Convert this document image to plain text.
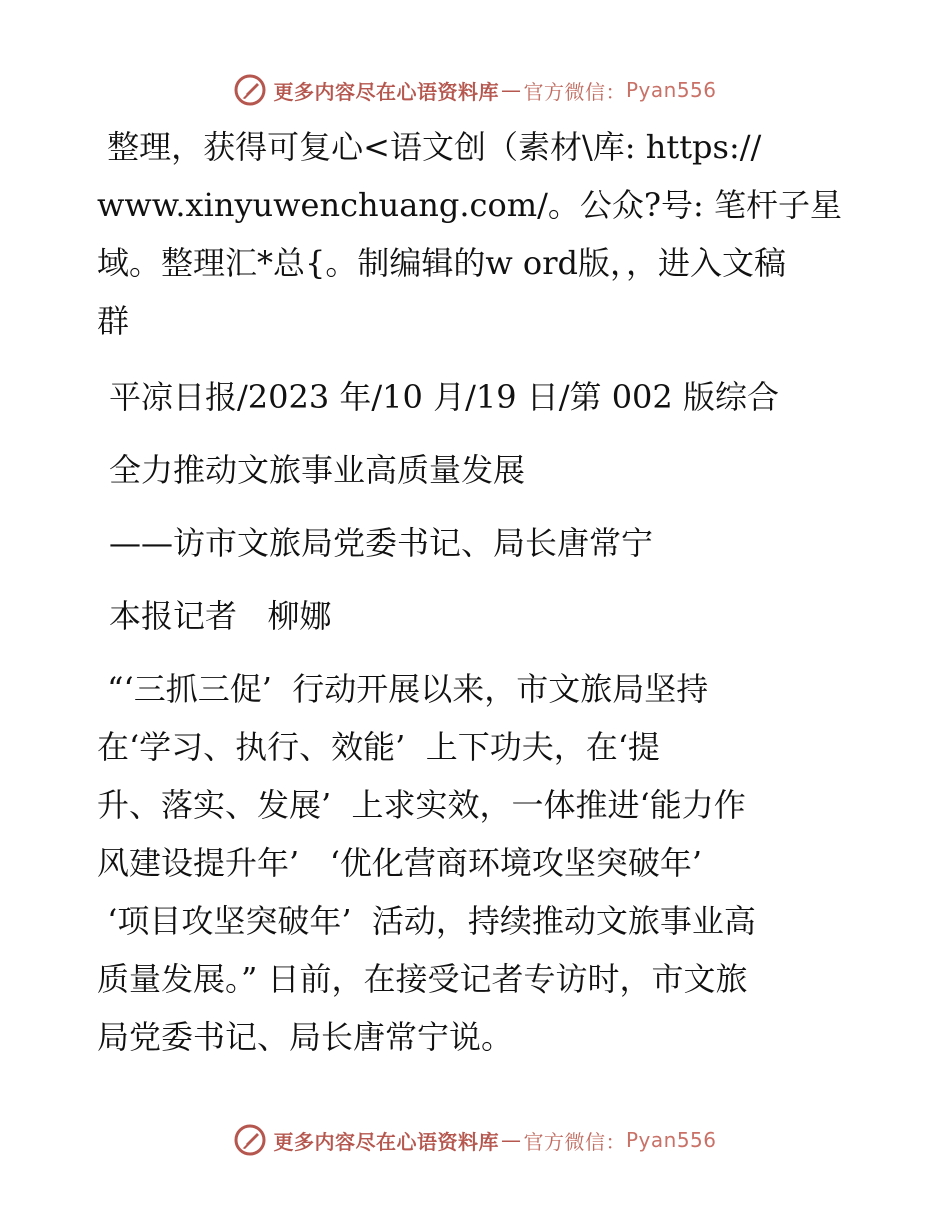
更多内容尽在心语资料库 — 官方微信： Pyan556
整理，获得可复心<语文创（素材\库: https://
www.xinyuwenchuang.com/。公众?号: 笔杆子星
域。整理汇*总{。制编辑的w ord版，，进入文稿
群
平凉日报/2023 年/10 月/19 日/第 002 版综合
全力推动文旅事业高质量发展
——访市文旅局党委书记、局长唐常宁
本报记者   柳娜
“‘三抓三促’  行动开展以来，市文旅局坚持
在‘学习、执行、效能’  上下功夫，在‘提
升、落实、发展’  上求实效，一体推进‘能力作
风建设提升年’   ‘优化营商环境攻坚突破年’
‘项目攻坚突破年’  活动，持续推动文旅事业高
质量发展。” 日前，在接受记者专访时，市文旅
局党委书记、局长唐常宁说。
更多内容尽在心语资料库 — 官方微信： Pyan556
